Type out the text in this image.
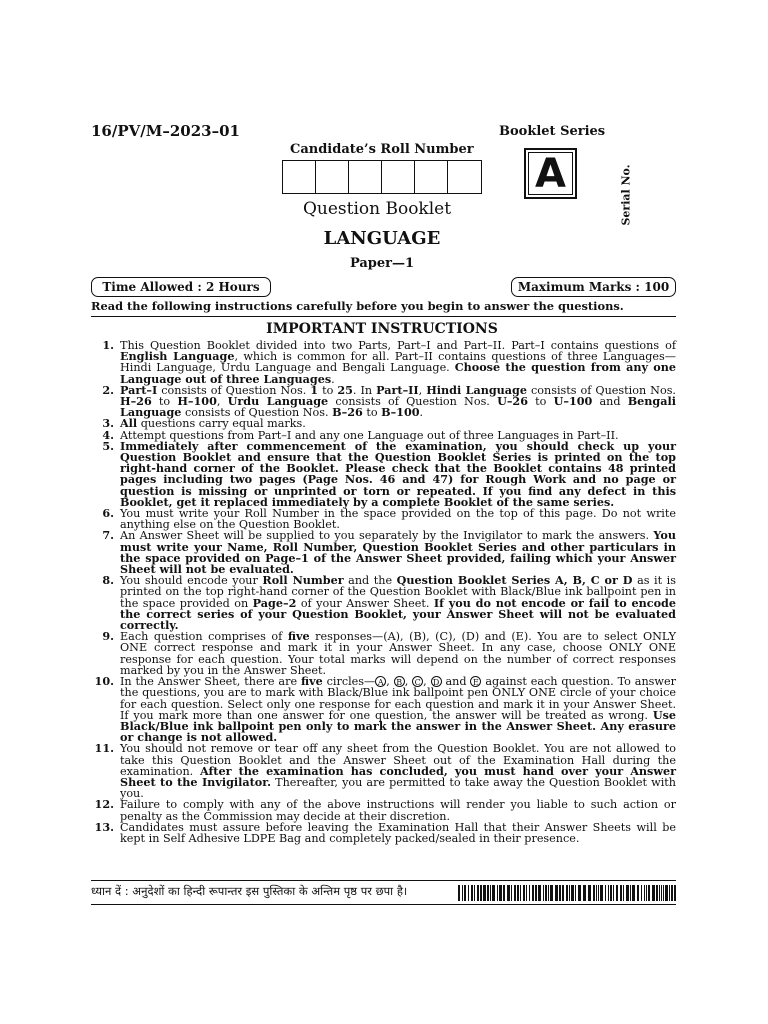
16/PV/M–2023–01	Booklet Series
Candidate’s Roll Number
A	Serial No.
Question Booklet
LANGUAGE
Paper—1
Time Allowed : 2 Hours	Maximum Marks : 100
Read the following instructions carefully before you begin to answer the questions.
IMPORTANT INSTRUCTIONS
1. This Question Booklet divided into two Parts, Part–I and Part–II. Part–I contains questions of English Language, which is common for all. Part–II contains questions of three Languages—Hindi Language, Urdu Language and Bengali Language. Choose the question from any one Language out of three Languages.
2. Part–I consists of Question Nos. 1 to 25. In Part–II, Hindi Language consists of Question Nos. H–26 to H–100, Urdu Language consists of Question Nos. U–26 to U–100 and Bengali Language consists of Question Nos. B–26 to B–100.
3. All questions carry equal marks.
4. Attempt questions from Part–I and any one Language out of three Languages in Part–II.
5. Immediately after commencement of the examination, you should check up your Question Booklet and ensure that the Question Booklet Series is printed on the top right-hand corner of the Booklet. Please check that the Booklet contains 48 printed pages including two pages (Page Nos. 46 and 47) for Rough Work and no page or question is missing or unprinted or torn or repeated. If you find any defect in this Booklet, get it replaced immediately by a complete Booklet of the same series.
6. You must write your Roll Number in the space provided on the top of this page. Do not write anything else on the Question Booklet.
7. An Answer Sheet will be supplied to you separately by the Invigilator to mark the answers. You must write your Name, Roll Number, Question Booklet Series and other particulars in the space provided on Page–1 of the Answer Sheet provided, failing which your Answer Sheet will not be evaluated.
8. You should encode your Roll Number and the Question Booklet Series A, B, C or D as it is printed on the top right-hand corner of the Question Booklet with Black/Blue ink ballpoint pen in the space provided on Page–2 of your Answer Sheet. If you do not encode or fail to encode the correct series of your Question Booklet, your Answer Sheet will not be evaluated correctly.
9. Each question comprises of five responses—(A), (B), (C), (D) and (E). You are to select ONLY ONE correct response and mark it in your Answer Sheet. In any case, choose ONLY ONE response for each question. Your total marks will depend on the number of correct responses marked by you in the Answer Sheet.
10. In the Answer Sheet, there are five circles— A , B , C , D and E against each question. To answer the questions, you are to mark with Black/Blue ink ballpoint pen ONLY ONE circle of your choice for each question. Select only one response for each question and mark it in your Answer Sheet. If you mark more than one answer for one question, the answer will be treated as wrong. Use Black/Blue ink ballpoint pen only to mark the answer in the Answer Sheet. Any erasure or change is not allowed.
11. You should not remove or tear off any sheet from the Question Booklet. You are not allowed to take this Question Booklet and the Answer Sheet out of the Examination Hall during the examination. After the examination has concluded, you must hand over your Answer Sheet to the Invigilator. Thereafter, you are permitted to take away the Question Booklet with you.
12. Failure to comply with any of the above instructions will render you liable to such action or penalty as the Commission may decide at their discretion.
13. Candidates must assure before leaving the Examination Hall that their Answer Sheets will be kept in Self Adhesive LDPE Bag and completely packed/sealed in their presence.
ध्यान दें : अनुदेशों का हिन्दी रूपान्तर इस पुस्तिका के अन्तिम पृष्ठ पर छपा है।
